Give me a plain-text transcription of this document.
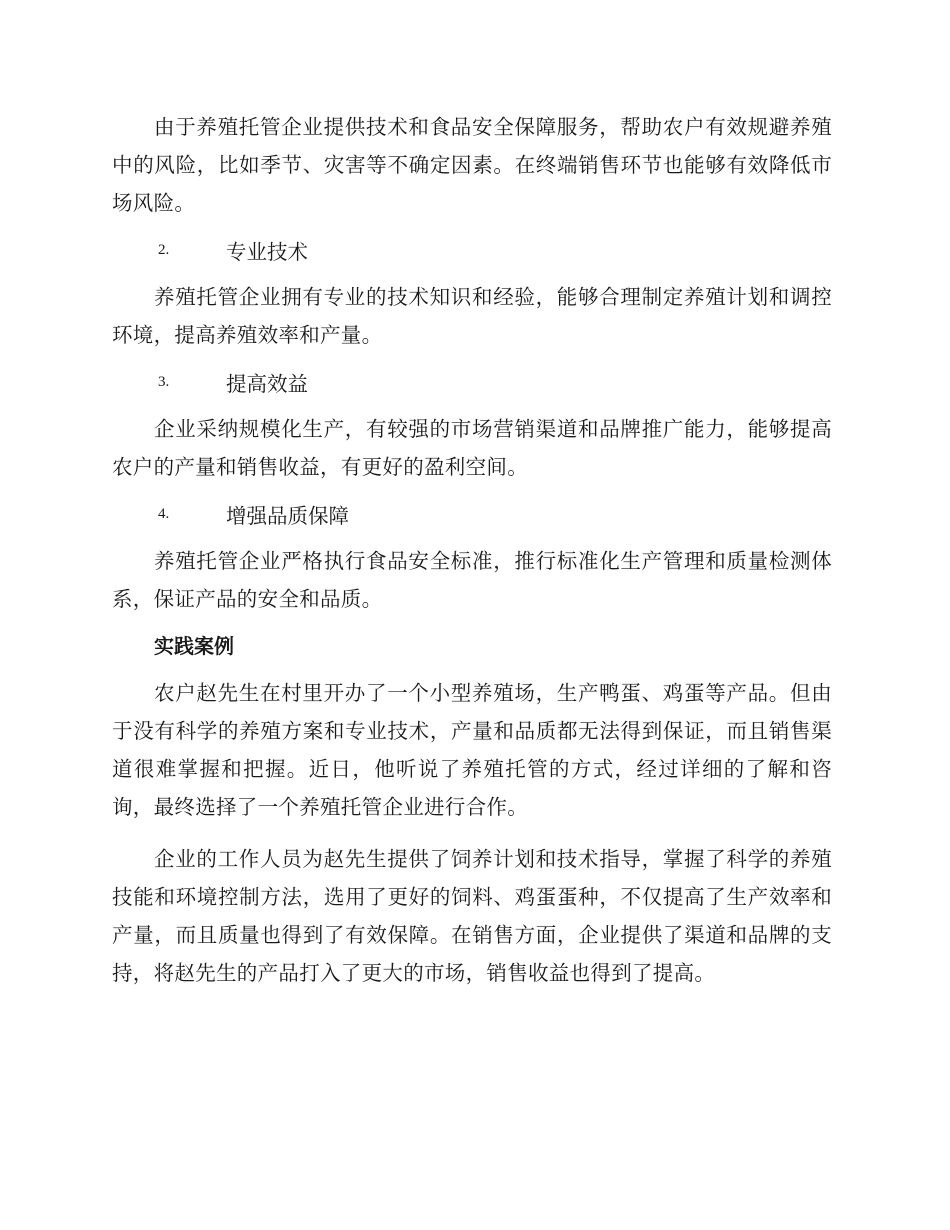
由于养殖托管企业提供技术和食品安全保障服务，帮助农户有效规避养殖中的风险，比如季节、灾害等不确定因素。在终端销售环节也能够有效降低市场风险。

2.	专业技术

养殖托管企业拥有专业的技术知识和经验，能够合理制定养殖计划和调控环境，提高养殖效率和产量。

3.	提高效益

企业采纳规模化生产，有较强的市场营销渠道和品牌推广能力，能够提高农户的产量和销售收益，有更好的盈利空间。

4.	增强品质保障

养殖托管企业严格执行食品安全标准，推行标准化生产管理和质量检测体系，保证产品的安全和品质。

实践案例

农户赵先生在村里开办了一个小型养殖场，生产鸭蛋、鸡蛋等产品。但由于没有科学的养殖方案和专业技术，产量和品质都无法得到保证，而且销售渠道很难掌握和把握。近日，他听说了养殖托管的方式，经过详细的了解和咨询，最终选择了一个养殖托管企业进行合作。

企业的工作人员为赵先生提供了饲养计划和技术指导，掌握了科学的养殖技能和环境控制方法，选用了更好的饲料、鸡蛋蛋种，不仅提高了生产效率和产量，而且质量也得到了有效保障。在销售方面，企业提供了渠道和品牌的支持，将赵先生的产品打入了更大的市场，销售收益也得到了提高。
